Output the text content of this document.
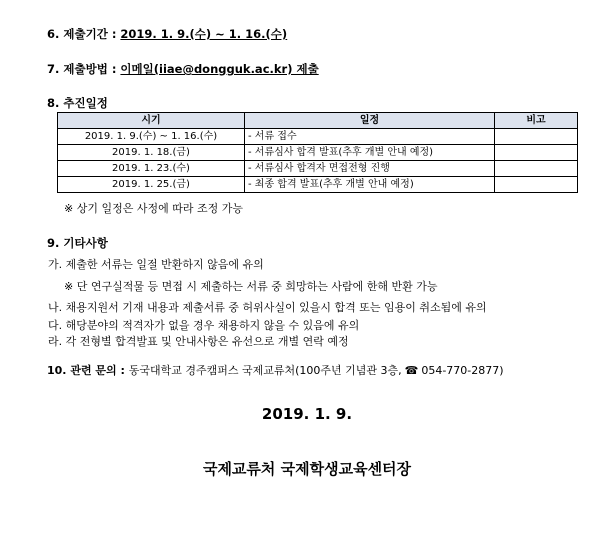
6. 제출기간 : 2019. 1. 9.(수) ~ 1. 16.(수)
7. 제출방법 : 이메일(iiae@dongguk.ac.kr) 제출
8. 추진일정
시기	일정	비고
2019. 1. 9.(수) ~ 1. 16.(수)	- 서류 접수	
2019. 1. 18.(금)	- 서류심사 합격 발표(추후 개별 안내 예정)	
2019. 1. 23.(수)	- 서류심사 합격자 면접전형 진행	
2019. 1. 25.(금)	- 최종 합격 발표(추후 개별 안내 예정)	
※ 상기 일정은 사정에 따라 조정 가능
9. 기타사항
가. 제출한 서류는 일절 반환하지 않음에 유의
※ 단 연구실적물 등 면접 시 제출하는 서류 중 희망하는 사람에 한해 반환 가능
나. 채용지원서 기재 내용과 제출서류 중 허위사실이 있을시 합격 또는 임용이 취소됨에 유의
다. 해당분야의 적격자가 없을 경우 채용하지 않을 수 있음에 유의
라. 각 전형별 합격발표 및 안내사항은 유선으로 개별 연락 예정
10. 관련 문의 : 동국대학교 경주캠퍼스 국제교류처(100주년 기념관 3층, ☎ 054-770-2877)
2019. 1. 9.
국제교류처 국제학생교육센터장
